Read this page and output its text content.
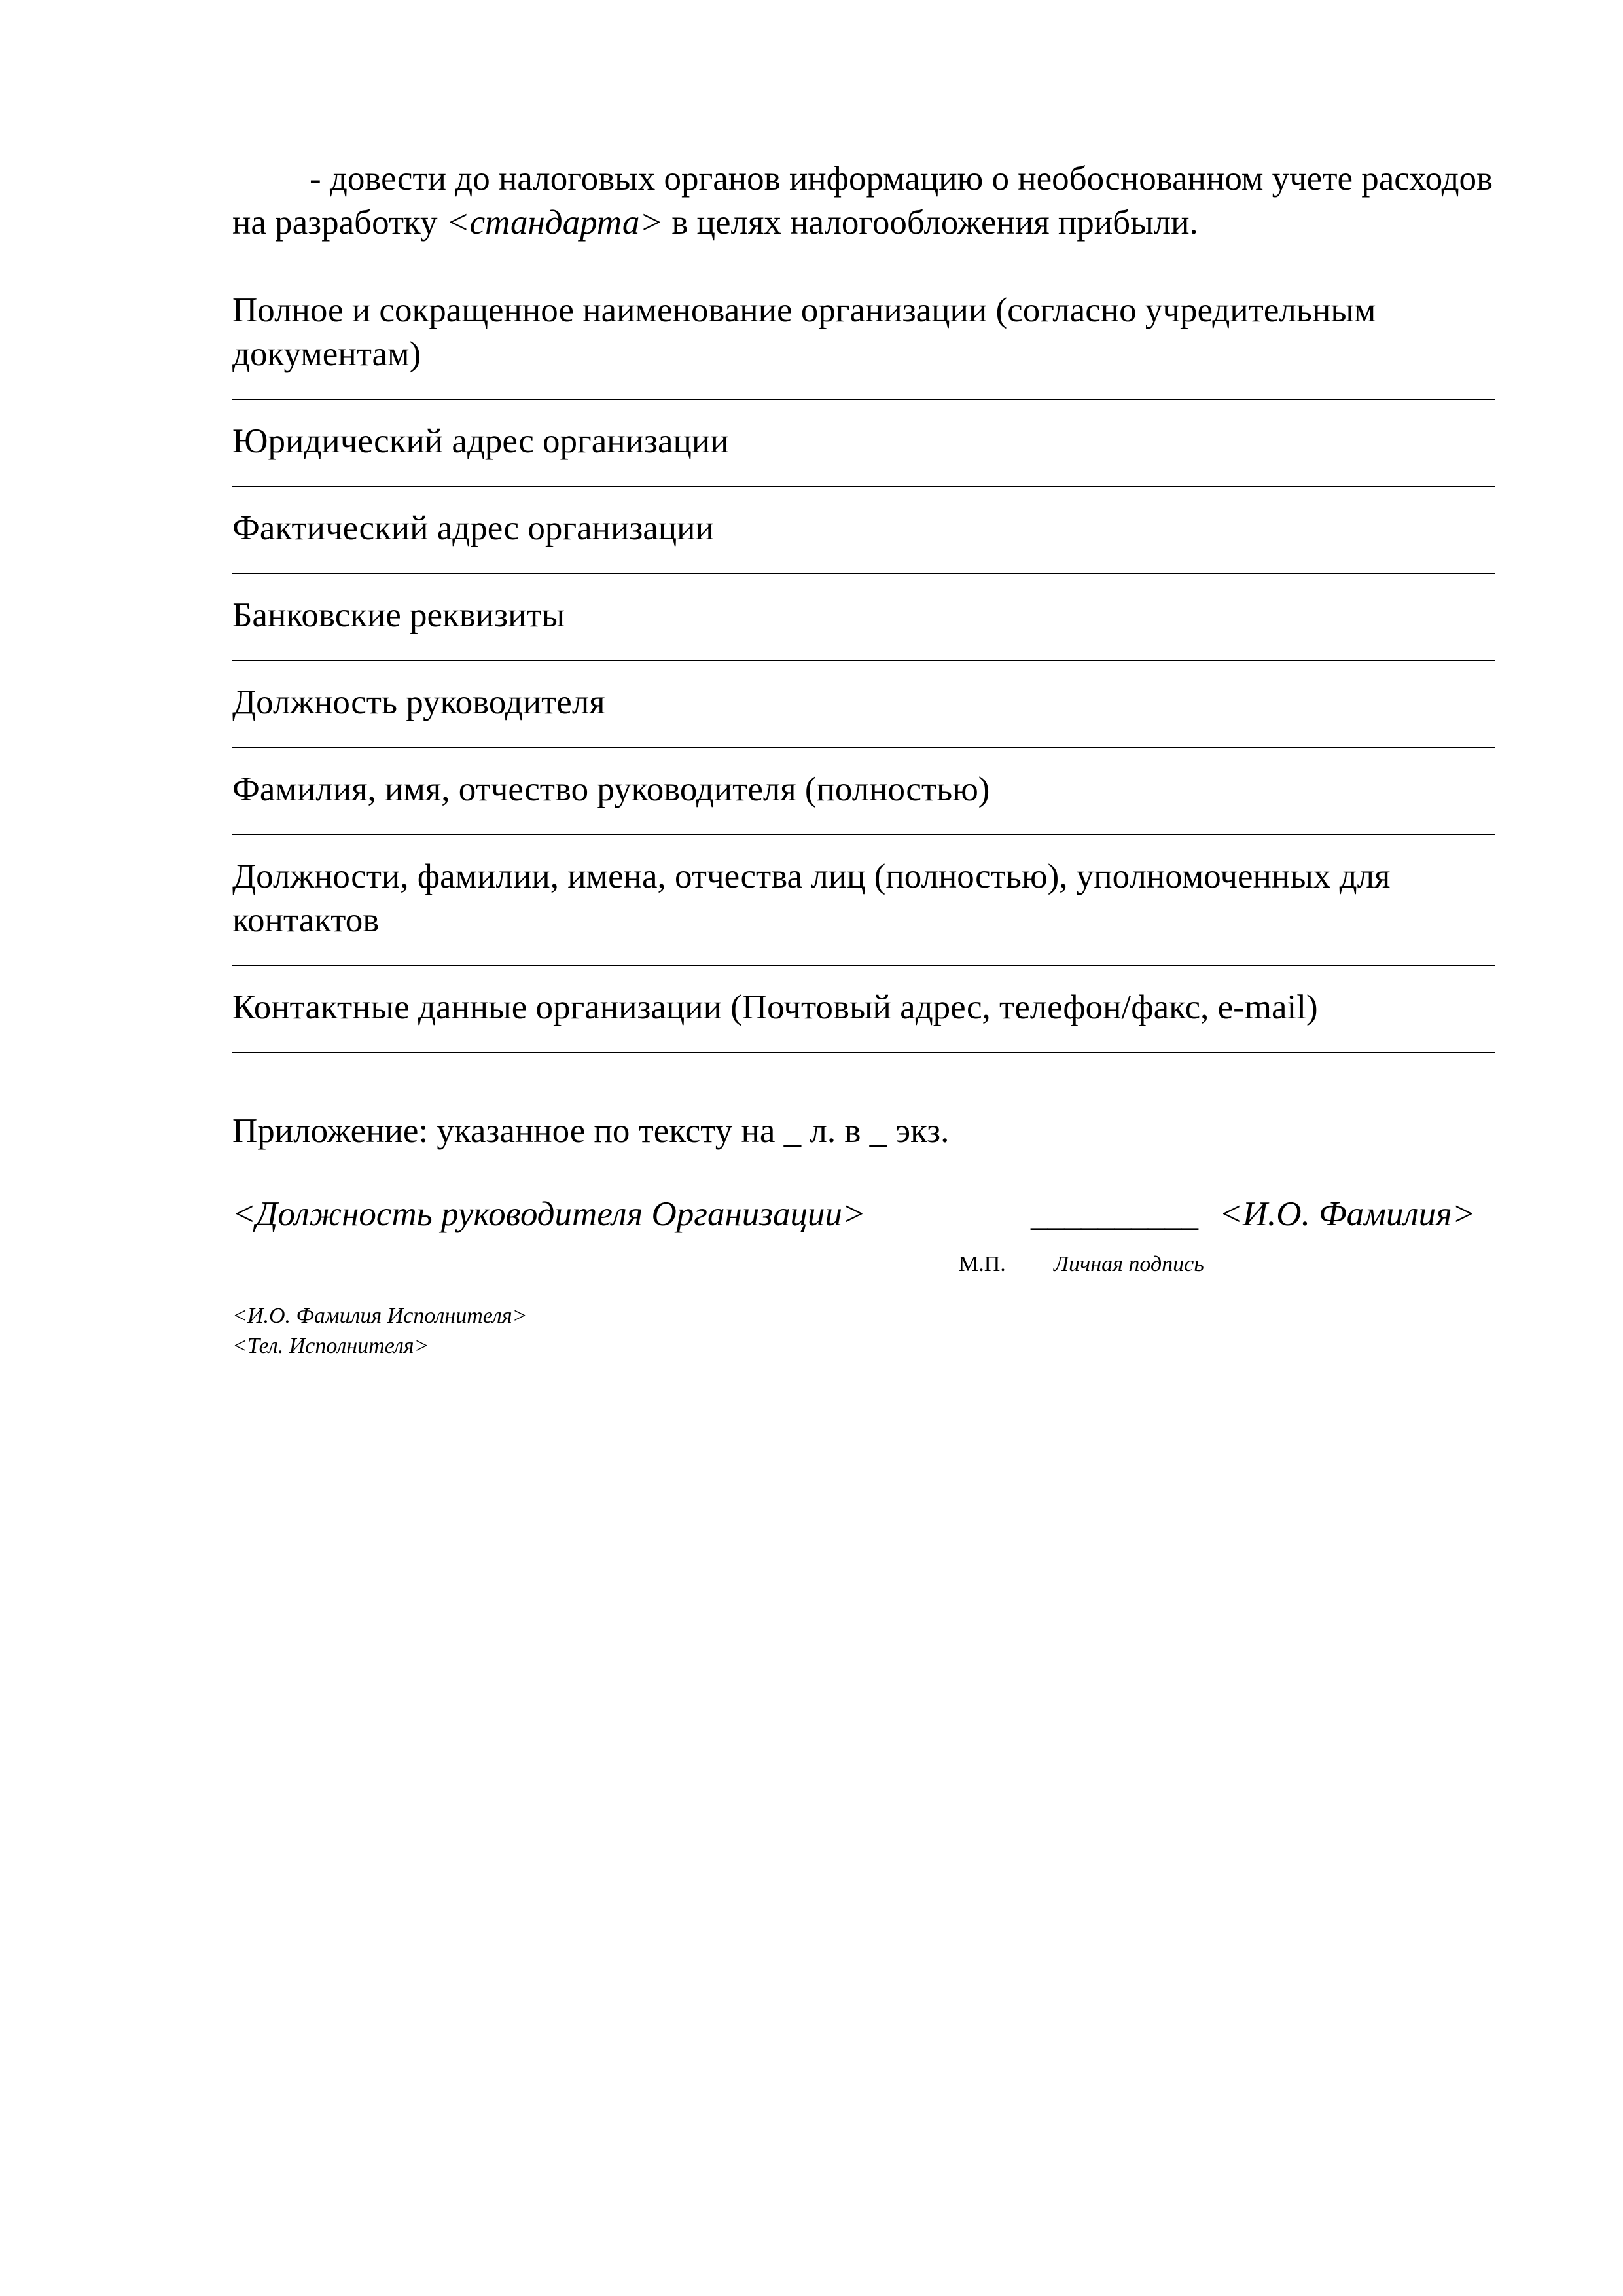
- довести до налоговых органов информацию о необоснованном учете расходов на разработку <стандарта> в целях налогообложения прибыли.

Полное и сокращенное наименование организации (согласно учредительным документам)

Юридический адрес организации

Фактический адрес организации

Банковские реквизиты

Должность руководителя

Фамилия, имя, отчество руководителя (полностью)

Должности, фамилии, имена, отчества лиц (полностью), уполномоченных для контактов

Контактные данные организации (Почтовый адрес, телефон/факс, e-mail)

Приложение: указанное по тексту на _ л. в _ экз.

<Должность руководителя Организации>	__________ <И.О. Фамилия>
М.П. Личная подпись
<И.О. Фамилия Исполнителя>
<Тел. Исполнителя>
